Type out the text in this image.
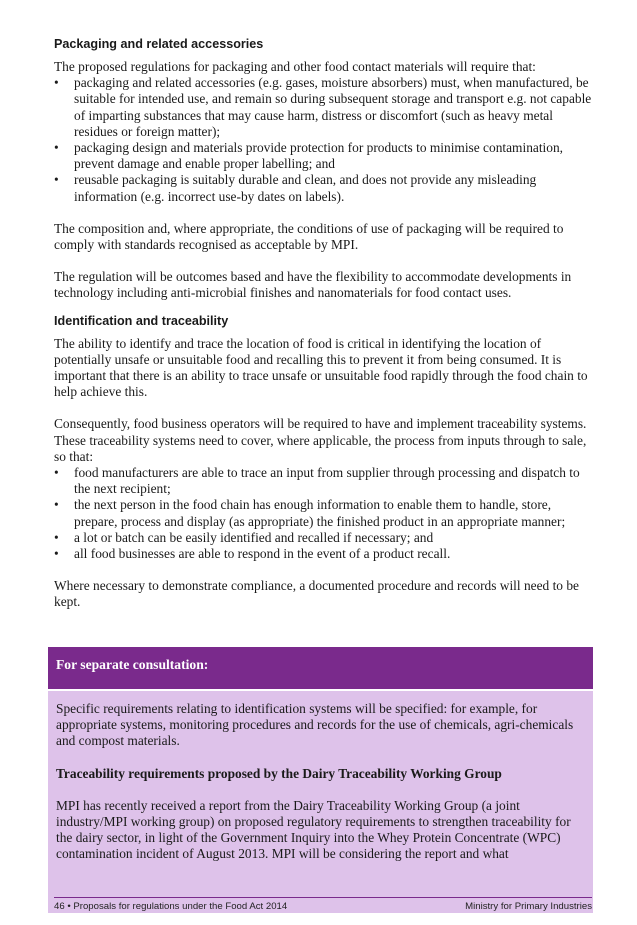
Packaging and related accessories

The proposed regulations for packaging and other food contact materials will require that:

• packaging and related accessories (e.g. gases, moisture absorbers) must, when manufactured, be suitable for intended use, and remain so during subsequent storage and transport e.g. not capable of imparting substances that may cause harm, distress or discomfort (such as heavy metal residues or foreign matter);
• packaging design and materials provide protection for products to minimise contamination, prevent damage and enable proper labelling; and
• reusable packaging is suitably durable and clean, and does not provide any misleading information (e.g. incorrect use-by dates on labels).

The composition and, where appropriate, the conditions of use of packaging will be required to comply with standards recognised as acceptable by MPI.

The regulation will be outcomes based and have the flexibility to accommodate developments in technology including anti-microbial finishes and nanomaterials for food contact uses.

Identification and traceability

The ability to identify and trace the location of food is critical in identifying the location of potentially unsafe or unsuitable food and recalling this to prevent it from being consumed. It is important that there is an ability to trace unsafe or unsuitable food rapidly through the food chain to help achieve this.

Consequently, food business operators will be required to have and implement traceability systems. These traceability systems need to cover, where applicable, the process from inputs through to sale, so that:

• food manufacturers are able to trace an input from supplier through processing and dispatch to the next recipient;
• the next person in the food chain has enough information to enable them to handle, store, prepare, process and display (as appropriate) the finished product in an appropriate manner;
• a lot or batch can be easily identified and recalled if necessary; and
• all food businesses are able to respond in the event of a product recall.

Where necessary to demonstrate compliance, a documented procedure and records will need to be kept.

For separate consultation:

Specific requirements relating to identification systems will be specified: for example, for appropriate systems, monitoring procedures and records for the use of chemicals, agri-chemicals and compost materials.

Traceability requirements proposed by the Dairy Traceability Working Group

MPI has recently received a report from the Dairy Traceability Working Group (a joint industry/MPI working group) on proposed regulatory requirements to strengthen traceability for the dairy sector, in light of the Government Inquiry into the Whey Protein Concentrate (WPC) contamination incident of August 2013. MPI will be considering the report and what

46 • Proposals for regulations under the Food Act 2014	Ministry for Primary Industries
